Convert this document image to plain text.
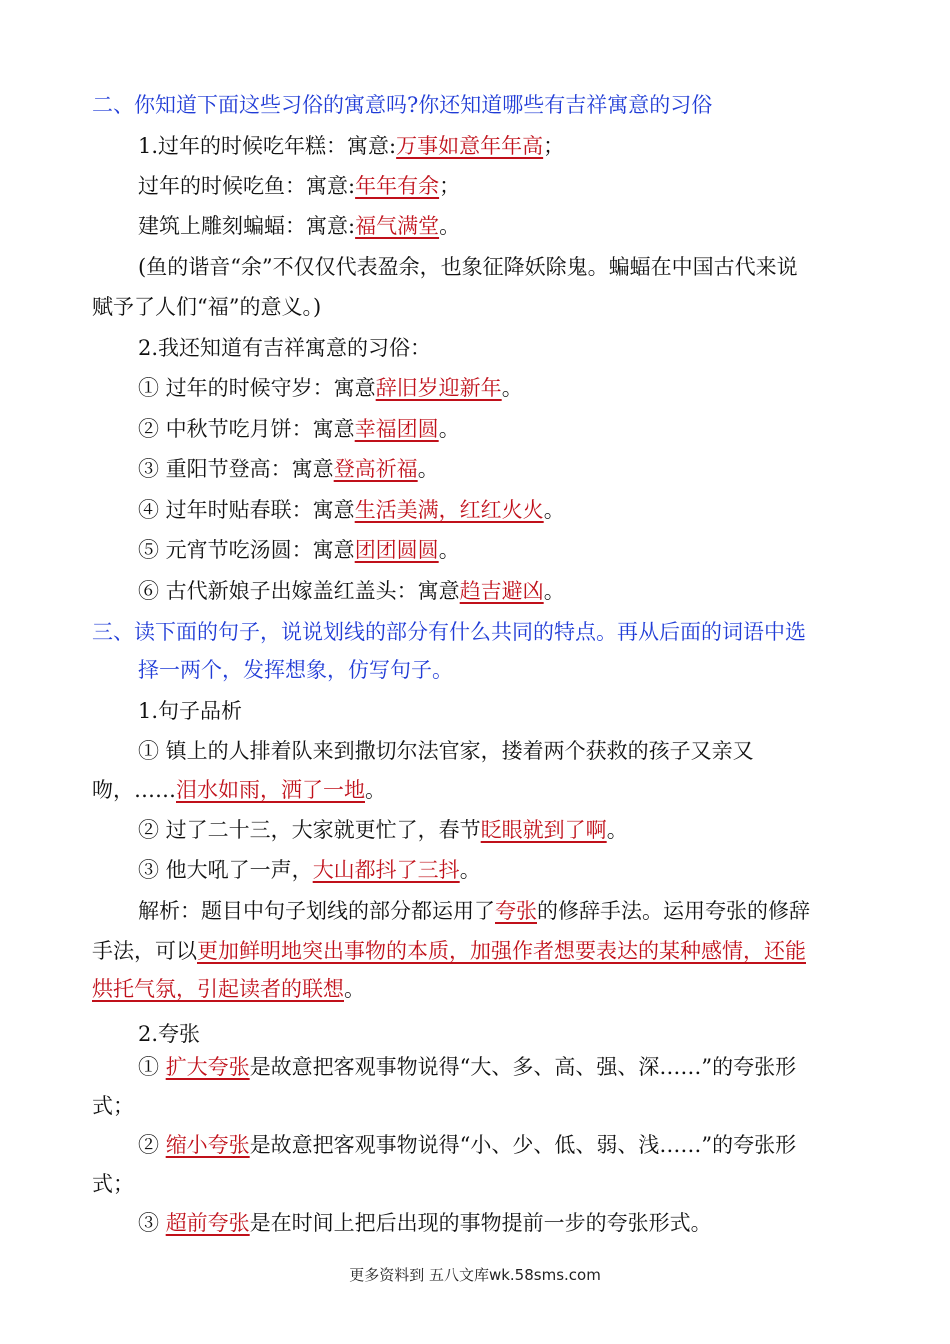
二、你知道下面这些习俗的寓意吗?你还知道哪些有吉祥寓意的习俗
1.过年的时候吃年糕：寓意:万事如意年年高；
过年的时候吃鱼：寓意:年年有余；
建筑上雕刻蝙蝠：寓意:福气满堂。
(鱼的谐音“余”不仅仅代表盈余，也象征降妖除鬼。蝙蝠在中国古代来说
赋予了人们“福”的意义。)
2.我还知道有吉祥寓意的习俗：
① 过年的时候守岁：寓意辞旧岁迎新年。
② 中秋节吃月饼：寓意幸福团圆。
③ 重阳节登高：寓意登高祈福。
④ 过年时贴春联：寓意生活美满，红红火火。
⑤ 元宵节吃汤圆：寓意团团圆圆。
⑥ 古代新娘子出嫁盖红盖头：寓意趋吉避凶。
三、读下面的句子，说说划线的部分有什么共同的特点。再从后面的词语中选
择一两个，发挥想象，仿写句子。
1.句子品析
① 镇上的人排着队来到撒切尔法官家，搂着两个获救的孩子又亲又
吻，……泪水如雨，洒了一地。
② 过了二十三，大家就更忙了，春节眨眼就到了啊。
③ 他大吼了一声，大山都抖了三抖。
解析：题目中句子划线的部分都运用了夸张的修辞手法。运用夸张的修辞
手法，可以更加鲜明地突出事物的本质，加强作者想要表达的某种感情，还能
烘托气氛，引起读者的联想。
2.夸张
① 扩大夸张是故意把客观事物说得“大、多、高、强、深……”的夸张形
式；
② 缩小夸张是故意把客观事物说得“小、少、低、弱、浅……”的夸张形
式；
③ 超前夸张是在时间上把后出现的事物提前一步的夸张形式。
更多资料到 五八文库wk.58sms.com
